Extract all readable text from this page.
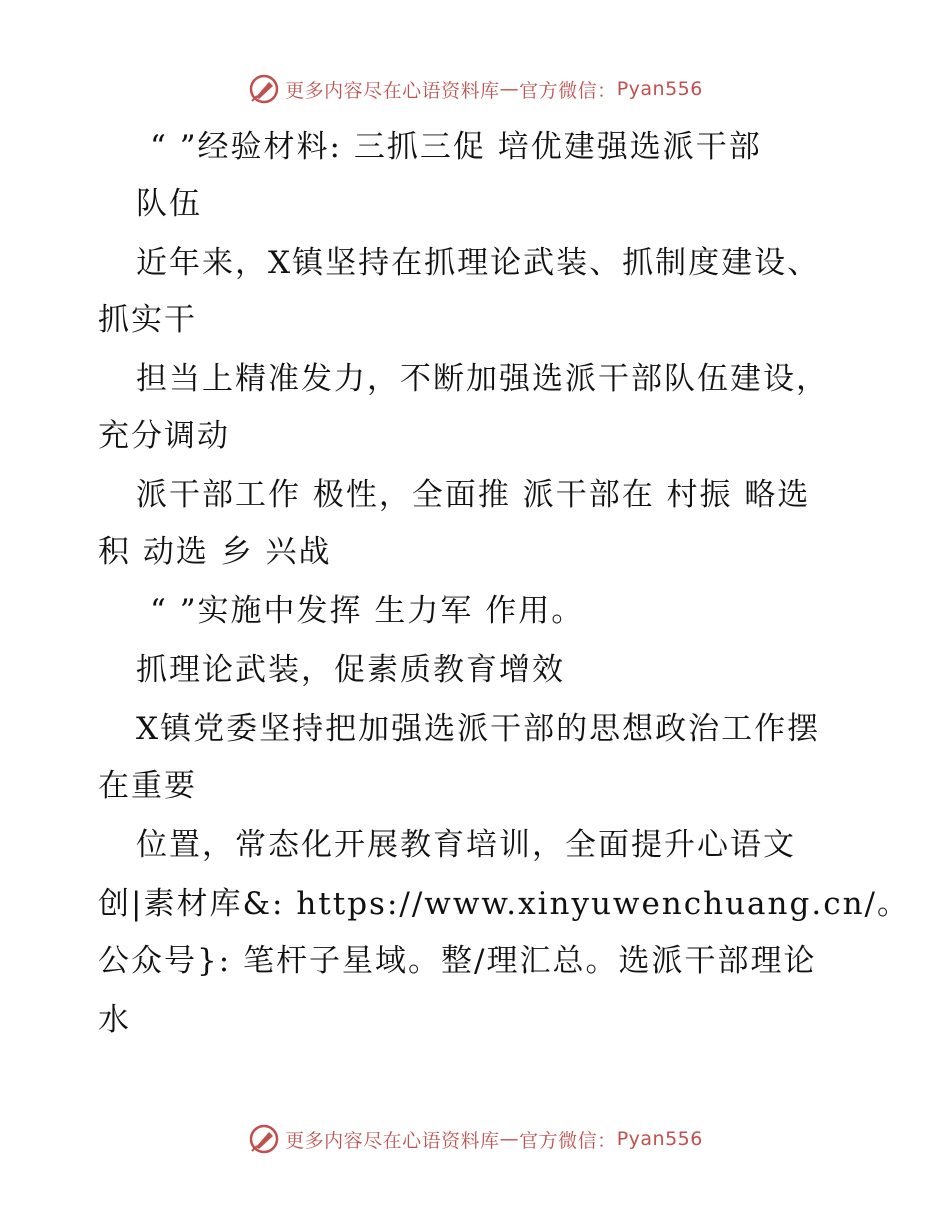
更多内容尽在心语资料库 — 官方微信： Pyan556
“ ”经验材料: 三抓三促 培优建强选派干部
队伍
近年来，X镇坚持在抓理论武装、抓制度建设、
抓实干
担当上精准发力，不断加强选派干部队伍建设，
充分调动
派干部工作 极性，全面推 派干部在 村振 略选
积 动选 乡 兴战
“ ”实施中发挥 生力军 作用。
抓理论武装，促素质教育增效
X镇党委坚持把加强选派干部的思想政治工作摆
在重要
位置，常态化开展教育培训，全面提升心语文
创|素材库&: https://www.xinyuwenchuang.cn/。
公众号}: 笔杆子星域。整/理汇总。选派干部理论
水
更多内容尽在心语资料库 — 官方微信： Pyan556
